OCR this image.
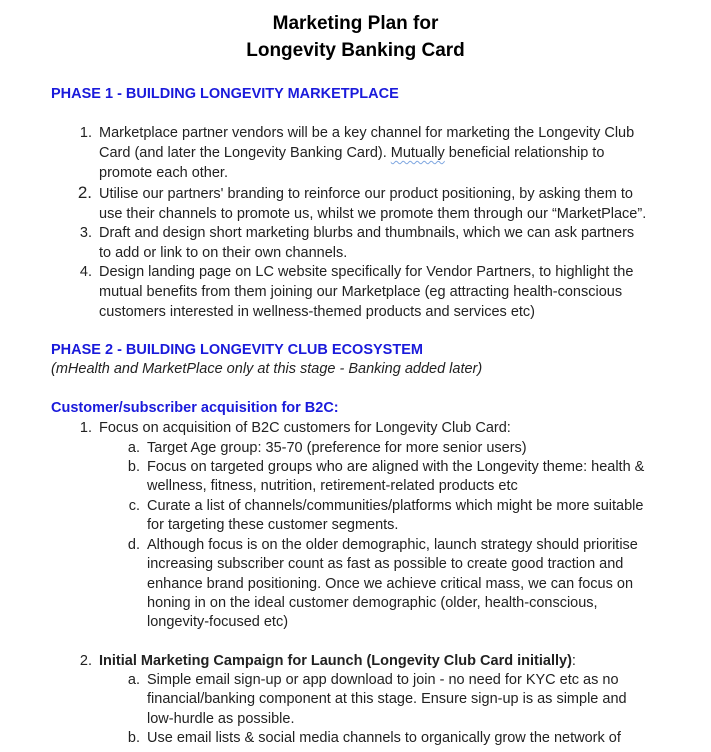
Marketing Plan for
Longevity Banking Card
PHASE 1 - BUILDING LONGEVITY MARKETPLACE
1. Marketplace partner vendors will be a key channel for marketing the Longevity Club
Card (and later the Longevity Banking Card). Mutually beneficial relationship to
promote each other.
2. Utilise our partners' branding to reinforce our product positioning, by asking them to
use their channels to promote us, whilst we promote them through our “MarketPlace”.
3. Draft and design short marketing blurbs and thumbnails, which we can ask partners
to add or link to on their own channels.
4. Design landing page on LC website specifically for Vendor Partners, to highlight the
mutual benefits from them joining our Marketplace (eg attracting health-conscious
customers interested in wellness-themed products and services etc)
PHASE 2 - BUILDING LONGEVITY CLUB ECOSYSTEM
(mHealth and MarketPlace only at this stage - Banking added later)
Customer/subscriber acquisition for B2C:
1. Focus on acquisition of B2C customers for Longevity Club Card:
a. Target Age group: 35-70 (preference for more senior users)
b. Focus on targeted groups who are aligned with the Longevity theme: health &
wellness, fitness, nutrition, retirement-related products etc
c. Curate a list of channels/communities/platforms which might be more suitable
for targeting these customer segments.
d. Although focus is on the older demographic, launch strategy should prioritise
increasing subscriber count as fast as possible to create good traction and
enhance brand positioning. Once we achieve critical mass, we can focus on
honing in on the ideal customer demographic (older, health-conscious,
longevity-focused etc)
2. Initial Marketing Campaign for Launch (Longevity Club Card initially):
a. Simple email sign-up or app download to join - no need for KYC etc as no
financial/banking component at this stage. Ensure sign-up is as simple and
low-hurdle as possible.
b. Use email lists & social media channels to organically grow the network of
